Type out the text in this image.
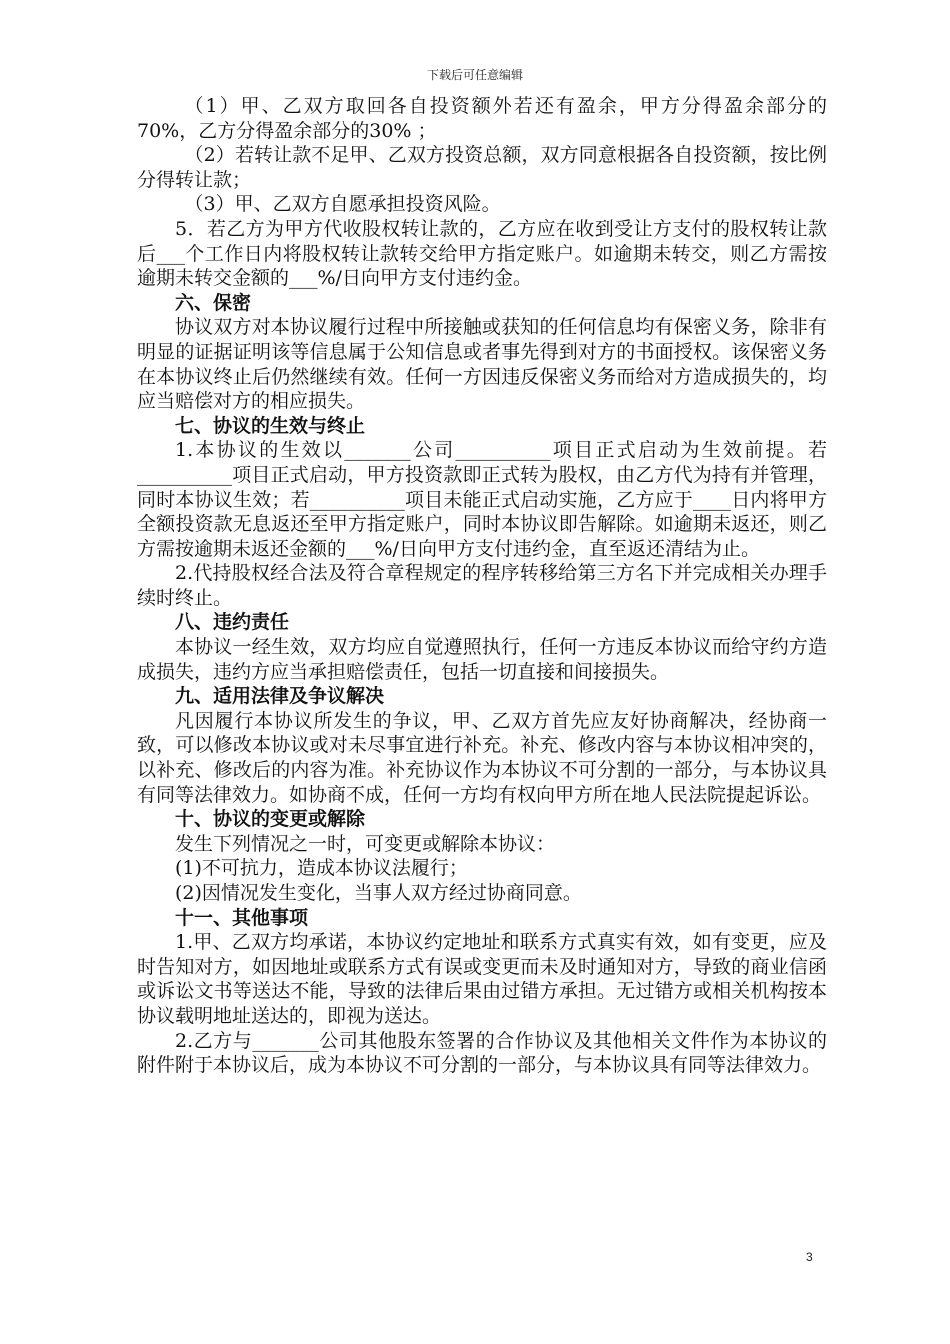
下载后可任意编辑

（1）甲、乙双方取回各自投资额外若还有盈余，甲方分得盈余部分的70%，乙方分得盈余部分的30% ；

（2）若转让款不足甲、乙双方投资总额，双方同意根据各自投资额，按比例分得转让款；

（3）甲、乙双方自愿承担投资风险。

5．若乙方为甲方代收股权转让款的，乙方应在收到受让方支付的股权转让款后___个工作日内将股权转让款转交给甲方指定账户。如逾期未转交，则乙方需按逾期未转交金额的___%/日向甲方支付违约金。

六、保密

协议双方对本协议履行过程中所接触或获知的任何信息均有保密义务，除非有明显的证据证明该等信息属于公知信息或者事先得到对方的书面授权。该保密义务在本协议终止后仍然继续有效。任何一方因违反保密义务而给对方造成损失的，均应当赔偿对方的相应损失。

七、协议的生效与终止

1.本协议的生效以_______公司__________项目正式启动为生效前提。若__________项目正式启动，甲方投资款即正式转为股权，由乙方代为持有并管理，同时本协议生效；若__________项目未能正式启动实施，乙方应于____日内将甲方全额投资款无息返还至甲方指定账户，同时本协议即告解除。如逾期未返还，则乙方需按逾期未返还金额的___%/日向甲方支付违约金，直至返还清结为止。

2.代持股权经合法及符合章程规定的程序转移给第三方名下并完成相关办理手续时终止。

八、违约责任

本协议一经生效，双方均应自觉遵照执行，任何一方违反本协议而给守约方造成损失，违约方应当承担赔偿责任，包括一切直接和间接损失。

九、适用法律及争议解决

凡因履行本协议所发生的争议，甲、乙双方首先应友好协商解决，经协商一致，可以修改本协议或对未尽事宜进行补充。补充、修改内容与本协议相冲突的，以补充、修改后的内容为准。补充协议作为本协议不可分割的一部分，与本协议具有同等法律效力。如协商不成，任何一方均有权向甲方所在地人民法院提起诉讼。

十、协议的变更或解除

发生下列情况之一时，可变更或解除本协议：

(1)不可抗力，造成本协议法履行；

(2)因情况发生变化，当事人双方经过协商同意。

十一、其他事项

1.甲、乙双方均承诺，本协议约定地址和联系方式真实有效，如有变更，应及时告知对方，如因地址或联系方式有误或变更而未及时通知对方，导致的商业信函或诉讼文书等送达不能，导致的法律后果由过错方承担。无过错方或相关机构按本协议载明地址送达的，即视为送达。

2.乙方与_______公司其他股东签署的合作协议及其他相关文件作为本协议的附件附于本协议后，成为本协议不可分割的一部分，与本协议具有同等法律效力。

3
